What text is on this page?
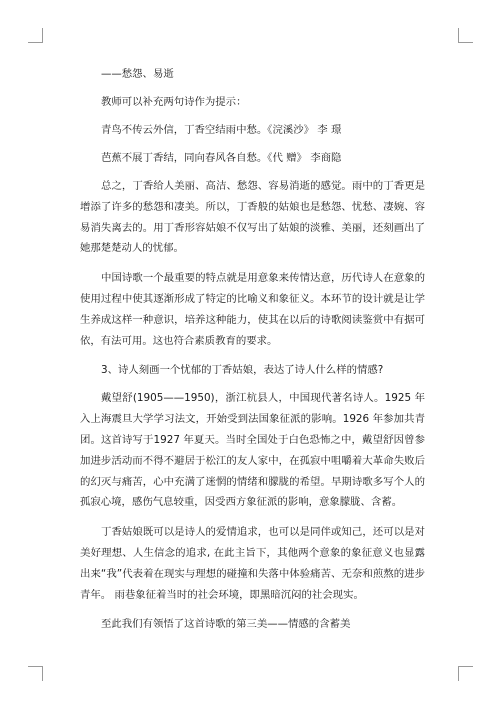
——愁怨、易逝

教师可以补充两句诗作为提示：

青鸟不传云外信，丁香空结雨中愁。《浣溪沙》 李 璟

芭蕉不展丁香结，同向春风各自愁。《代 赠》 李商隐

总之，丁香给人美丽、高洁、愁怨、容易消逝的感觉。雨中的丁香更是增添了许多的愁怨和凄美。所以，丁香般的姑娘也是愁怨、忧愁、凄婉、容易消失离去的。用丁香形容姑娘不仅写出了姑娘的淡雅、美丽，还刻画出了她那楚楚动人的忧郁。

中国诗歌一个最重要的特点就是用意象来传情达意，历代诗人在意象的使用过程中使其逐渐形成了特定的比喻义和象征义。本环节的设计就是让学生养成这样一种意识，培养这种能力，使其在以后的诗歌阅读鉴赏中有据可依，有法可用。这也符合素质教育的要求。

3、诗人刻画一个忧郁的丁香姑娘，表达了诗人什么样的情感?

戴望舒(1905——1950)，浙江杭县人，中国现代著名诗人。1925 年入上海震旦大学学习法文，开始受到法国象征派的影响。1926 年参加共青团。这首诗写于1927 年夏天。当时全国处于白色恐怖之中，戴望舒因曾参加进步活动而不得不避居于松江的友人家中，在孤寂中咀嚼着大革命失败后的幻灭与痛苦，心中充满了迷惘的情绪和朦胧的希望。早期诗歌多写个人的孤寂心境，感伤气息较重，因受西方象征派的影响，意象朦胧、含蓄。

丁香姑娘既可以是诗人的爱情追求，也可以是同伴或知己，还可以是对美好理想、人生信念的追求, 在此主旨下，其他两个意象的象征意义也显露出来“我”代表着在现实与理想的碰撞和失落中体验痛苦、无奈和煎熬的进步青年。 雨巷象征着当时的社会环境，即黑暗沉闷的社会现实。

至此我们有领悟了这首诗歌的第三美——情感的含蓄美
